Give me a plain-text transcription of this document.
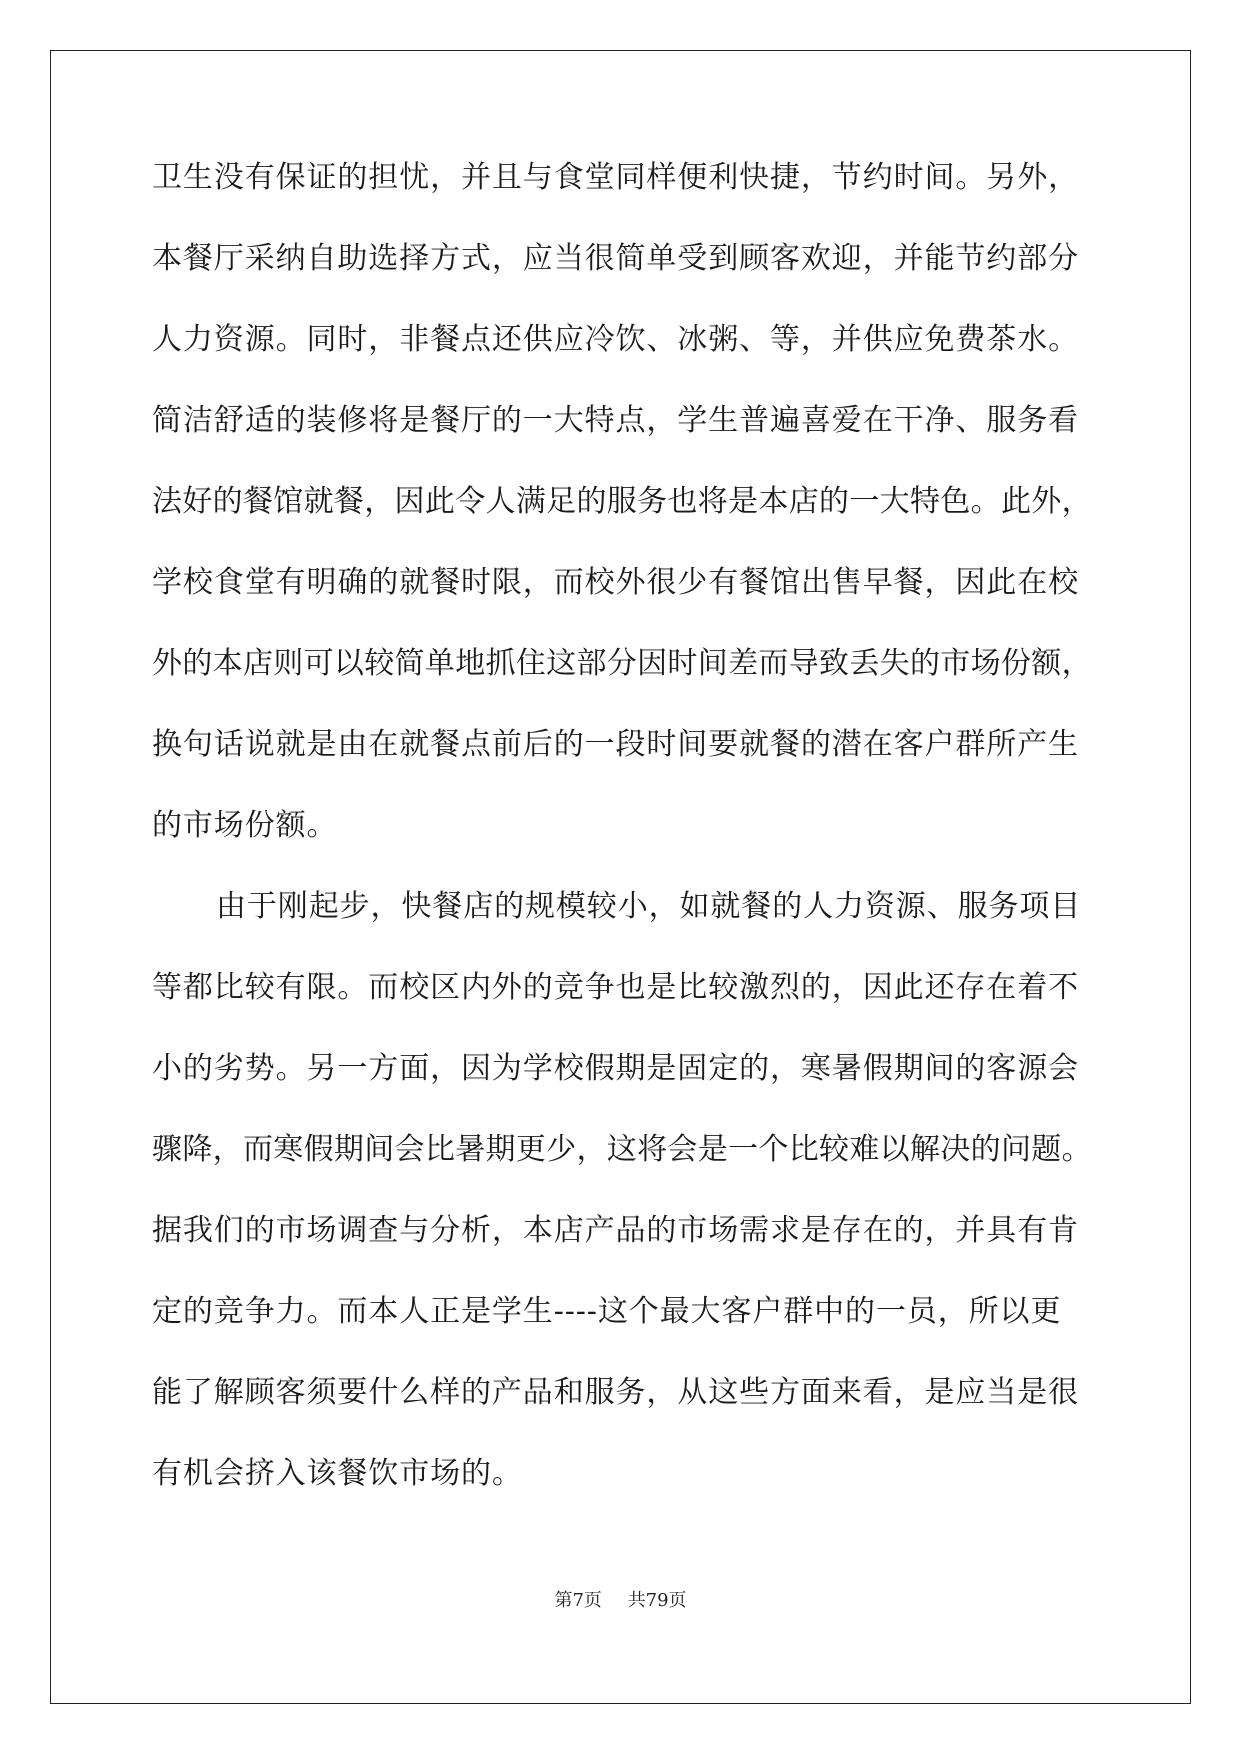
卫生没有保证的担忧，并且与食堂同样便利快捷，节约时间。另外，
本餐厅采纳自助选择方式，应当很简单受到顾客欢迎，并能节约部分
人力资源。同时，非餐点还供应冷饮、冰粥、等，并供应免费茶水。
简洁舒适的装修将是餐厅的一大特点，学生普遍喜爱在干净、服务看
法好的餐馆就餐，因此令人满足的服务也将是本店的一大特色。此外，
学校食堂有明确的就餐时限，而校外很少有餐馆出售早餐，因此在校
外的本店则可以较简单地抓住这部分因时间差而导致丢失的市场份额，
换句话说就是由在就餐点前后的一段时间要就餐的潜在客户群所产生
的市场份额。
由于刚起步，快餐店的规模较小，如就餐的人力资源、服务项目
等都比较有限。而校区内外的竞争也是比较激烈的，因此还存在着不
小的劣势。另一方面，因为学校假期是固定的，寒暑假期间的客源会
骤降，而寒假期间会比暑期更少，这将会是一个比较难以解决的问题。
据我们的市场调查与分析，本店产品的市场需求是存在的，并具有肯
定的竞争力。而本人正是学生----这个最大客户群中的一员，所以更
能了解顾客须要什么样的产品和服务，从这些方面来看，是应当是很
有机会挤入该餐饮市场的。
第7页 共79页
